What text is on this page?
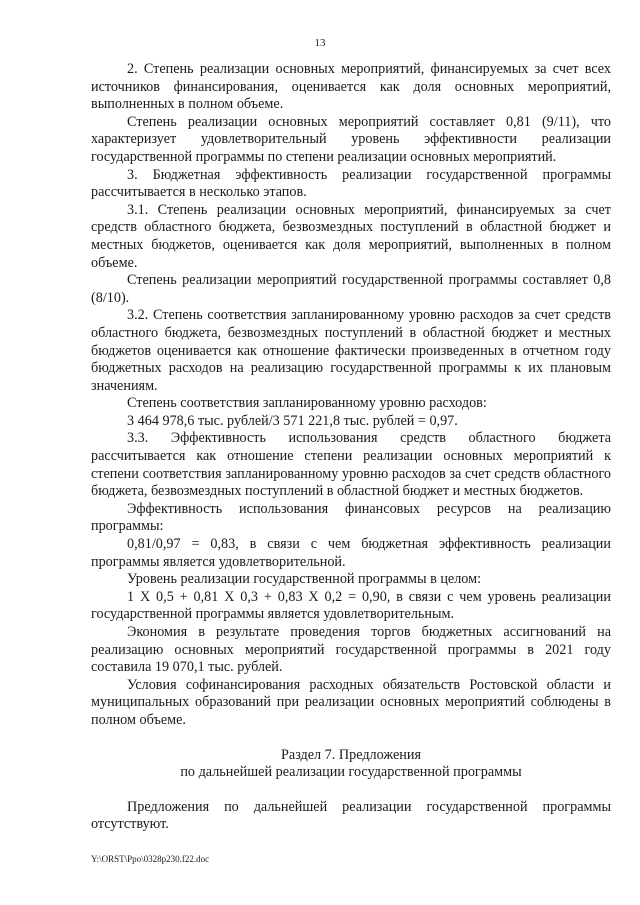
13

2. Степень реализации основных мероприятий, финансируемых за счет всех источников финансирования, оценивается как доля основных мероприятий, выполненных в полном объеме.

Степень реализации основных мероприятий составляет 0,81 (9/11), что характеризует удовлетворительный уровень эффективности реализации государственной программы по степени реализации основных мероприятий.

3. Бюджетная эффективность реализации государственной программы рассчитывается в несколько этапов.

3.1. Степень реализации основных мероприятий, финансируемых за счет средств областного бюджета, безвозмездных поступлений в областной бюджет и местных бюджетов, оценивается как доля мероприятий, выполненных в полном объеме.

Степень реализации мероприятий государственной программы составляет 0,8 (8/10).

3.2. Степень соответствия запланированному уровню расходов за счет средств областного бюджета, безвозмездных поступлений в областной бюджет и местных бюджетов оценивается как отношение фактически произведенных в отчетном году бюджетных расходов на реализацию государственной программы к их плановым значениям.

Степень соответствия запланированному уровню расходов:

3 464 978,6 тыс. рублей/3 571 221,8 тыс. рублей = 0,97.

3.3. Эффективность использования средств областного бюджета рассчитывается как отношение степени реализации основных мероприятий к степени соответствия запланированному уровню расходов за счет средств областного бюджета, безвозмездных поступлений в областной бюджет и местных бюджетов.

Эффективность использования финансовых ресурсов на реализацию программы:

0,81/0,97 = 0,83, в связи с чем бюджетная эффективность реализации программы является удовлетворительной.

Уровень реализации государственной программы в целом:

1 Х 0,5 + 0,81 Х 0,3 + 0,83 Х 0,2 = 0,90, в связи с чем уровень реализации государственной программы является удовлетворительным.

Экономия в результате проведения торгов бюджетных ассигнований на реализацию основных мероприятий государственной программы в 2021 году составила 19 070,1 тыс. рублей.

Условия софинансирования расходных обязательств Ростовской области и муниципальных образований при реализации основных мероприятий соблюдены в полном объеме.

Раздел 7. Предложения
по дальнейшей реализации государственной программы

Предложения по дальнейшей реализации государственной программы отсутствуют.

Y:\ORST\Ppo\0328p230.f22.doc
